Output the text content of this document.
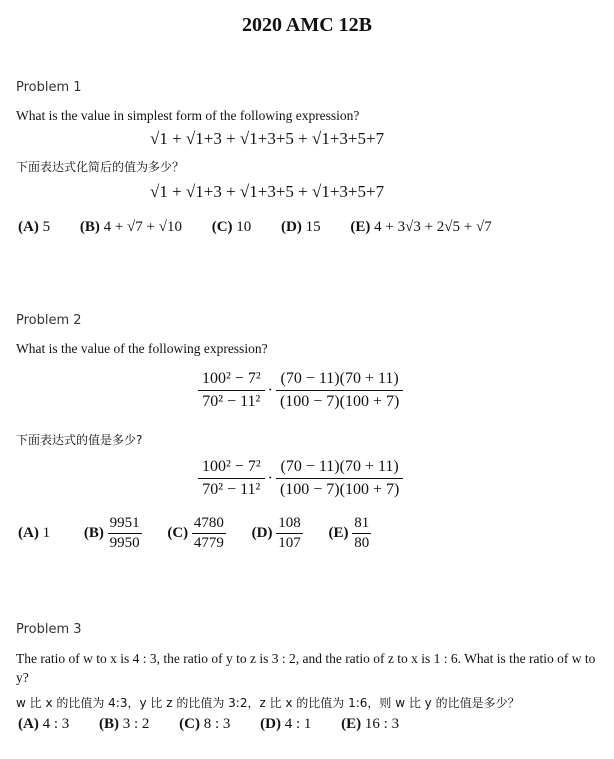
2020 AMC 12B
Problem 1
What is the value in simplest form of the following expression?
√1 + √1+3 + √1+3+5 + √1+3+5+7
下面表达式化简后的值为多少？
√1 + √1+3 + √1+3+5 + √1+3+5+7
(A) 5 (B) 4 + √7 + √10 (C) 10 (D) 15 (E) 4 + 3√3 + 2√5 + √7
Problem 2
What is the value of the following expression?
$\frac{\text{100² − 7²}}{\text{70² − 11²}} \cdot \frac{(70 - 11)(70 + 11)}{(100 - 7)(100 + 7)}$
下面表达式的值是多少?
$\frac{\text{100² − 7²}}{\text{70² − 11²}} \cdot \frac{(70 - 11)(70 + 11)}{(100 - 7)(100 + 7)}$
(A) 1 $(B) \frac{9951}{9950} (C) \frac{4780}{4779} (D) \frac{108}{107} (E) \frac{81}{80}$
Problem 3
The ratio of w to x is 4 : 3, the ratio of y to z is 3 : 2, and the ratio of z to x is 1 : 6. What is the ratio of w to y?
w 比 x 的比值为 4:3，y 比 z 的比值为 3:2，z 比 x 的比值为 1:6，则 w 比 y 的比值是多少？
(A) 4 : 3 (B) 3 : 2 (C) 8 : 3 (D) 4 : 1 (E) 16 : 3
